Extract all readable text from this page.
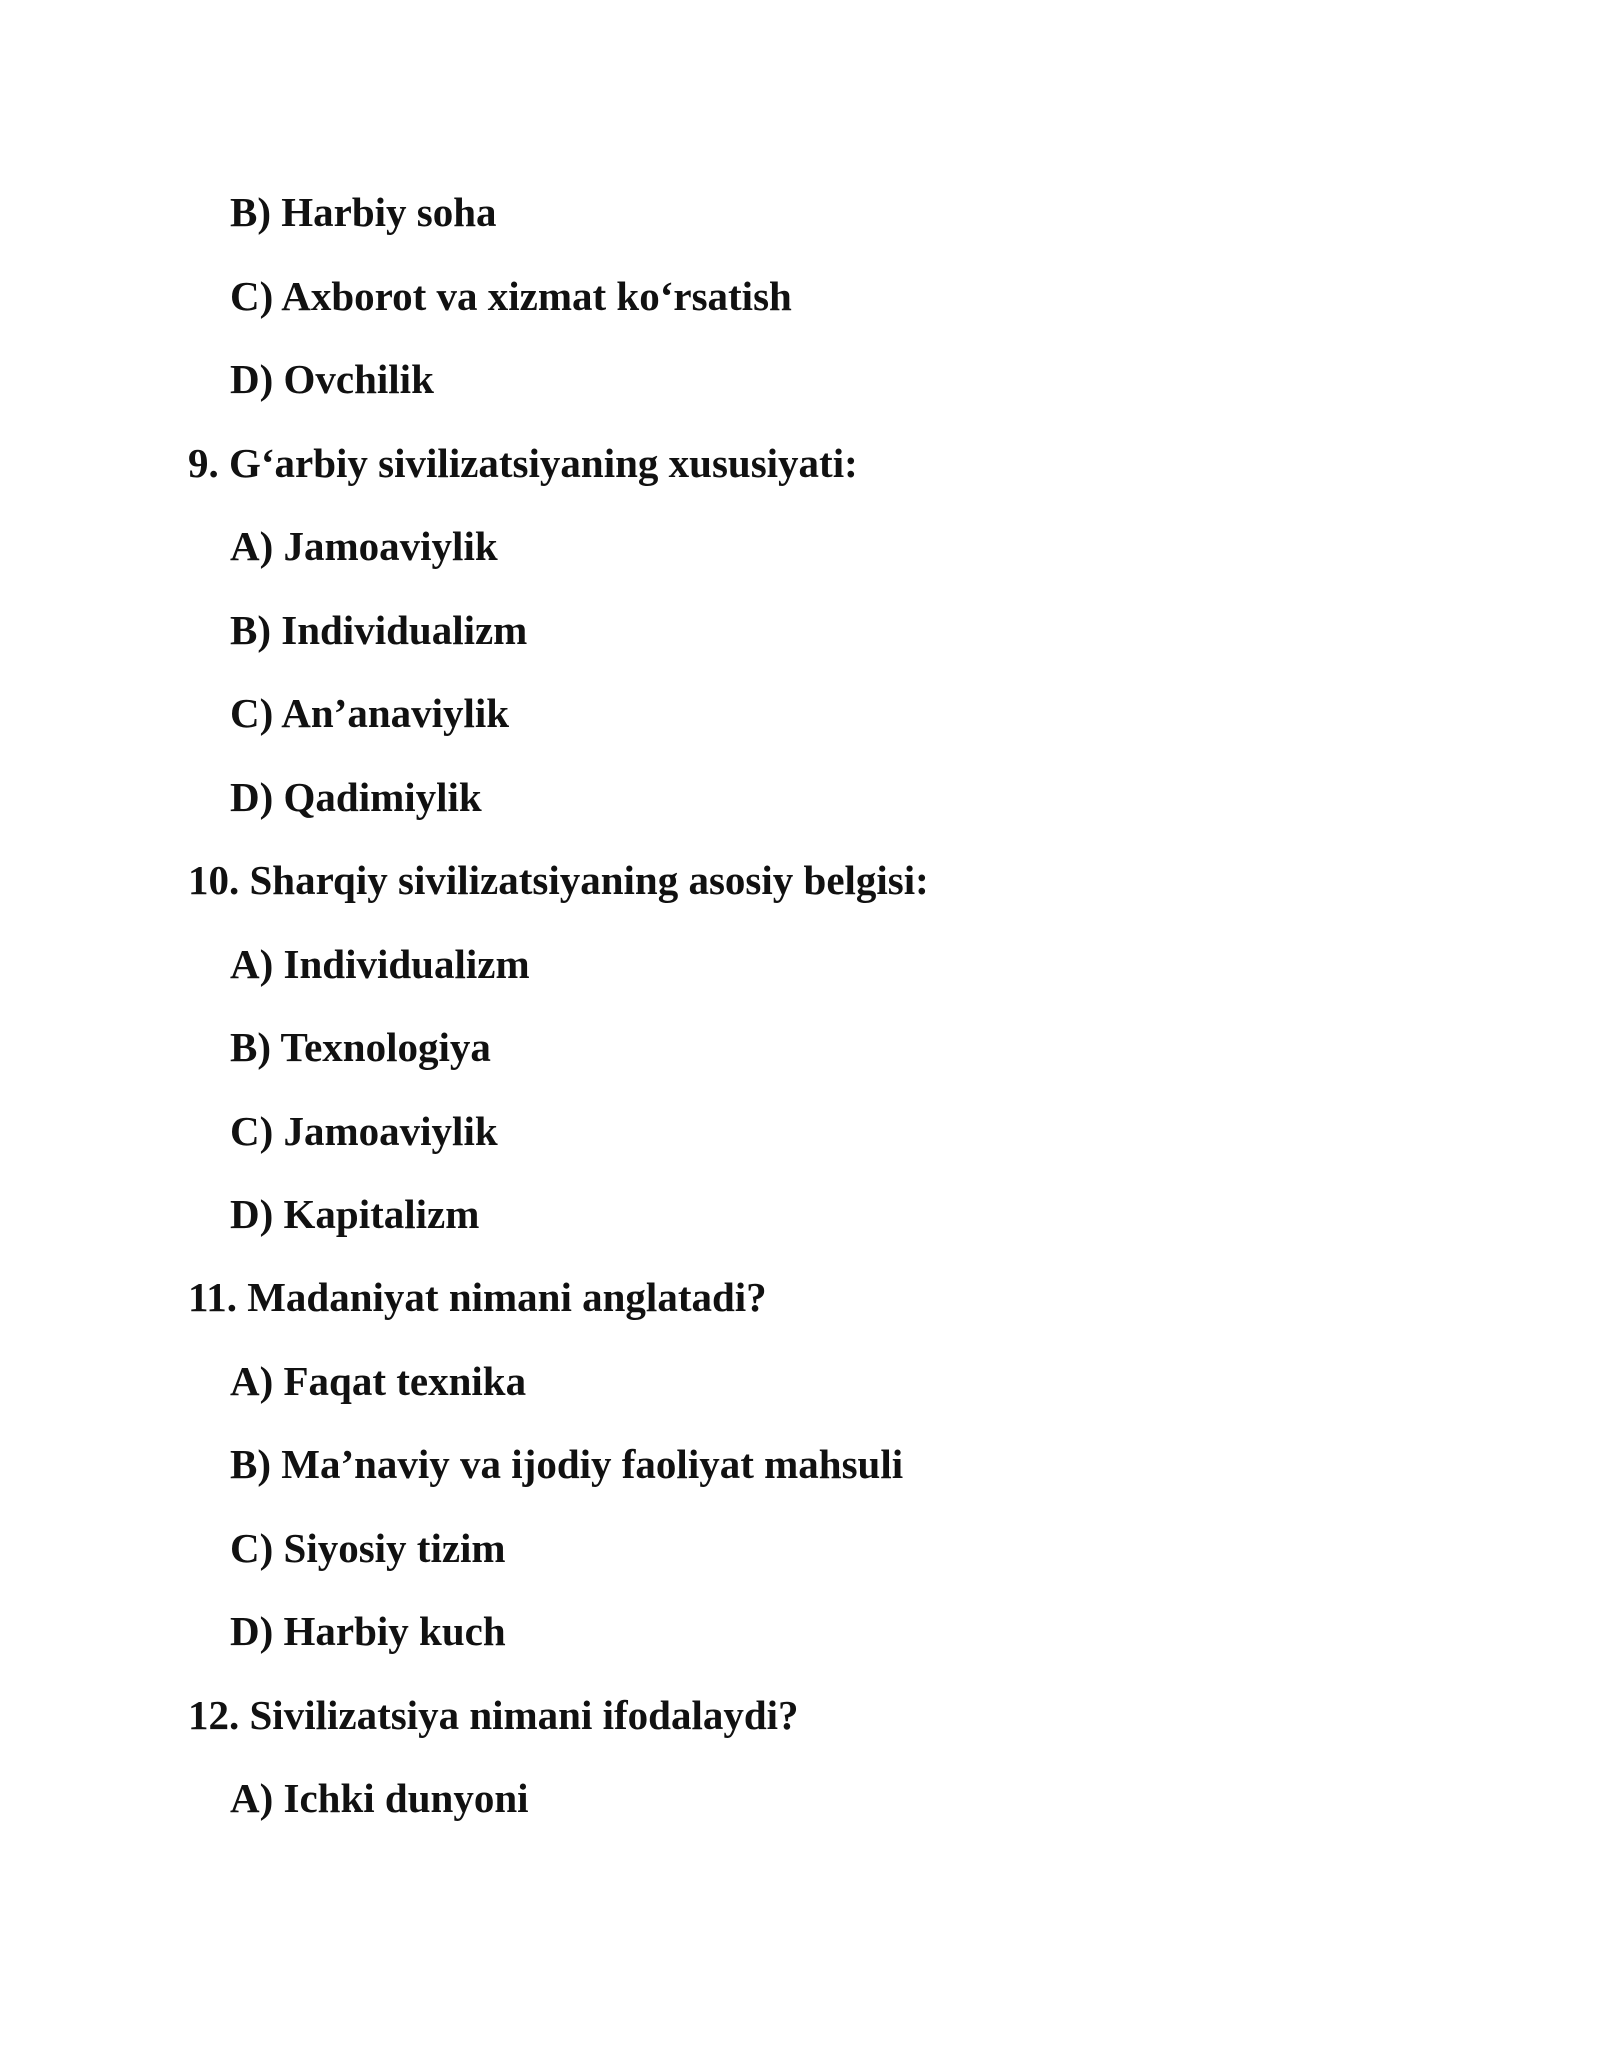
B) Harbiy soha
C) Axborot va xizmat ko‘rsatish
D) Ovchilik
9. G‘arbiy sivilizatsiyaning xususiyati:
A) Jamoaviylik
B) Individualizm
C) An’anaviylik
D) Qadimiylik
10. Sharqiy sivilizatsiyaning asosiy belgisi:
A) Individualizm
B) Texnologiya
C) Jamoaviylik
D) Kapitalizm
11. Madaniyat nimani anglatadi?
A) Faqat texnika
B) Ma’naviy va ijodiy faoliyat mahsuli
C) Siyosiy tizim
D) Harbiy kuch
12. Sivilizatsiya nimani ifodalaydi?
A) Ichki dunyoni
